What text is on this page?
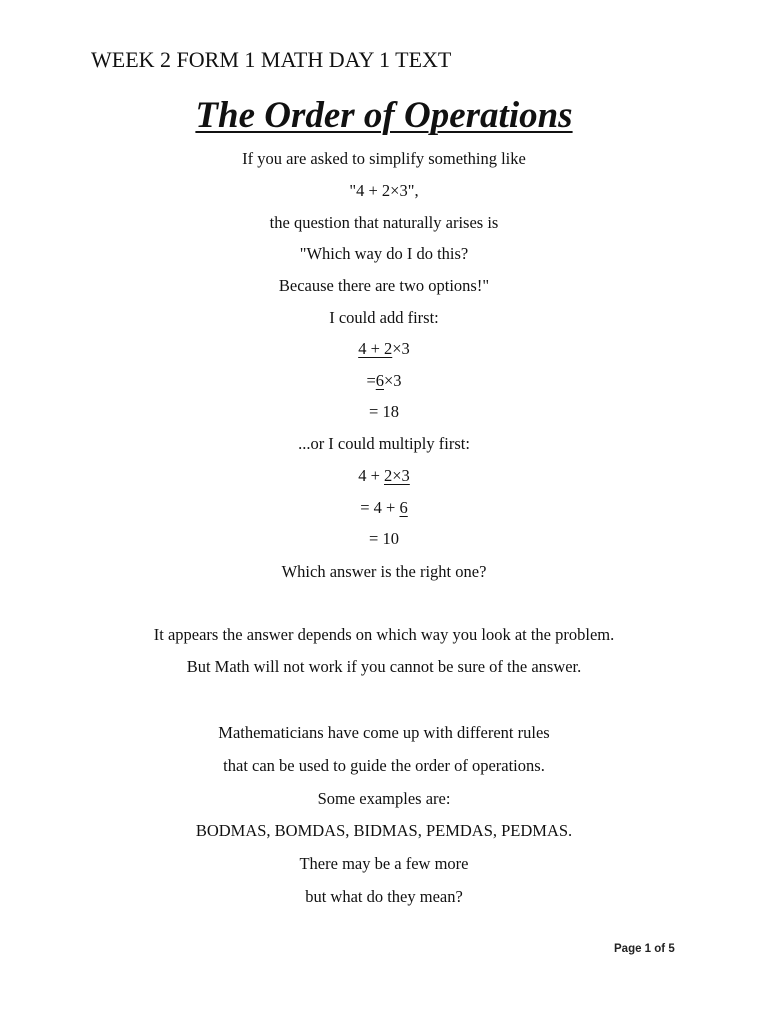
WEEK 2 FORM 1 MATH DAY 1 TEXT
The Order of Operations
If you are asked to simplify something like
"4 + 2×3",
the question that naturally arises is
"Which way do I do this?
Because there are two options!"
I could add first:
4 + 2×3
=6×3
= 18
...or I could multiply first:
4 + 2×3
= 4 + 6
= 10
Which answer is the right one?
It appears the answer depends on which way you look at the problem.
But Math will not work if you cannot be sure of the answer.
Mathematicians have come up with different rules
that can be used to guide the order of operations.
Some examples are:
BODMAS, BOMDAS, BIDMAS, PEMDAS, PEDMAS.
There may be a few more
but what do they mean?
Page 1 of 5
